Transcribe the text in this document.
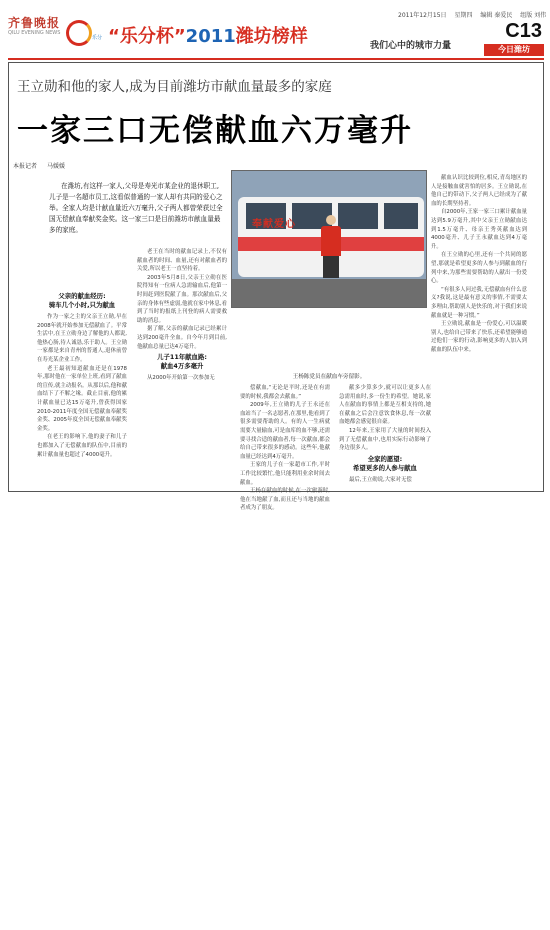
齐鲁晚报
QILU EVENING NEWS
2011年12月15日 星期四 编辑 秦爱民 组版 刘伟
C13
乐分 “乐分杯”2011潍坊榜样	我们心中的城市力量	今日潍坊
王立勋和他的家人,成为目前潍坊市献血量最多的家庭
一家三口无偿献血六万毫升
本报记者 马媛媛
在潍坊,有这样一家人,父母是寿光市某企业的退休职工,儿子是一名超市员工,这看似普通的一家人却有共同的爱心之举。全家人均是计献血量近六万毫升,父子两人都曾荣获过全国无偿献血奉献奖金奖。这一家三口是目前潍坊市献血量最多的家庭。
父亲的献血经历:
骑车几个小时,只为献血

作为一家之主的父亲王立勋,早在2008年就开始参加无偿献血了。平常生活中,在王立勋身边了解他的人都说,他热心肠,待人诚恳,乐于助人。王立勋一家都是来自青州的普通人,退休前曾在寿光某企业工作。

老王最初知道献血还是在1978年,那时他在一家单位上班,看到了献血的宣传,就主动报名。从那以后,他和献血结下了不解之缘。截止目前,他的累计献血量已达15万毫升,曾获得国家2010-2011年度全国无偿献血奉献奖金奖、2005年度全国无偿献血奉献奖金奖。

在老王的影响下,他的妻子和儿子也都加入了无偿献血的队伍中,目前的累计献血量也超过了4000毫升。

老王在当时的献血记录上,不仅有献血者的时间、血量,还有对献血者的关爱,所以老王一直坚持着。

2003年5月8日,父亲王立勋在医院得知有一位病人急需输血后,他第一时间赶到医院献了血。那次献血后,父亲的身体有些虚弱,他就在家中休息,看到了当时的报纸上刊登的病人需要救助的消息。

据了解,父亲的献血记录已经累计达到200毫升全血。自今年月到目前,他献血总量已达4万毫升。

儿子11年献血路:
献血4万多毫升

从2000年开始第一次参加无

奉献爱心
王杨陈党员在献血车旁留影。

偿献血,“无论是平时,还是在有需要的时候,我都会去献血。”

2009年,王立勋的儿子王永还在血站当了一名志愿者,在那里,他看到了很多需要帮助的人。有的人一生病就需要大量输血,可是血库的血不够,还需要寻找合适的献血者,每一次献血,都会给自己带来很多的感动。这些年,他献血量已经达到4万毫升。

王家的儿子在一家超市工作,平时工作比较繁忙,他只能利用业余时间去献血。

王杨在献血的时候,在一次旅游时,他在当地献了血,而且还与当地的献血者成为了朋友。

献多少算多少,就可以让更多人在急需用血时,多一份生的希望。她说,家人在献血的事情上都是互相支持的,她在献血之后会注意饮食休息,每一次献血她都会感觉很自豪。

12年来,王家用了大量的时间投入到了无偿献血中,也用实际行动影响了身边很多人。

全家的愿望:
希望更多的人参与献血

最后,王立勋说,大家对无偿

献血认识比较到位,相反,青岛地区的人是接触血就害怕的居多。王立勋说,在他自己的带动下,父子两人已经成为了献血的长期坚持者。

自2000年,王家一家三口累计献血量达到5.9万毫升,其中父亲王立勋献血达到1.5万毫升、母亲王秀英献血达到4000毫升、儿子王永献血达到4万毫升。

在王立勋的心里,还有一个共同的愿望,那就是希望更多的人参与到献血的行列中来,为那些需要帮助的人献出一份爱心。

“有很多人问过我,无偿献血有什么意义?我说,这是最有意义的事情,不需要太多理由,帮助别人是快乐的,对于我们来说献血就是一种习惯。”

王立勋说,献血是一份爱心,可以温暖别人,也给自己带来了快乐,还希望能够通过他们一家的行动,影响更多的人加入到献血的队伍中来。
